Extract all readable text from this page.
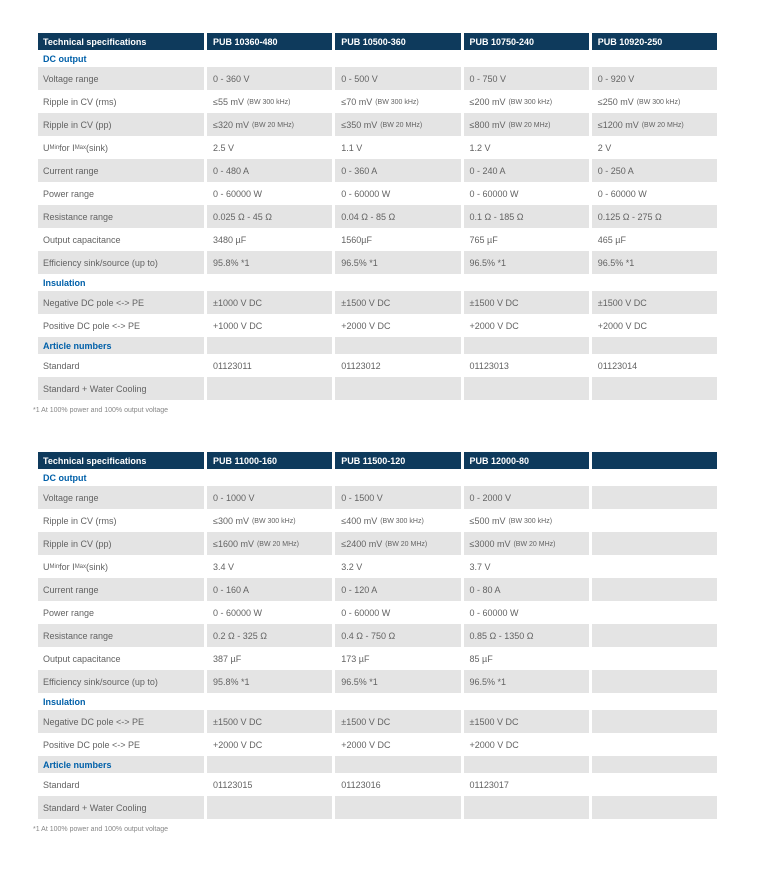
Technical specifications	PUB 10360-480	PUB 10500-360	PUB 10750-240	PUB 10920-250
DC output
Voltage range	0 - 360 V	0 - 500 V	0 - 750 V	0 - 920 V
Ripple in CV (rms)	≤55 mV (BW 300 kHz)	≤70 mV (BW 300 kHz)	≤200 mV (BW 300 kHz)	≤250 mV (BW 300 kHz)
Ripple in CV (pp)	≤320 mV (BW 20 MHz)	≤350 mV (BW 20 MHz)	≤800 mV (BW 20 MHz)	≤1200 mV (BW 20 MHz)
U Min for I Max (sink)	2.5 V	1.1 V	1.2 V	2 V
Current range	0 - 480 A	0 - 360 A	0 - 240 A	0 - 250 A
Power range	0 - 60000 W	0 - 60000 W	0 - 60000 W	0 - 60000 W
Resistance range	0.025 Ω - 45 Ω	0.04 Ω - 85 Ω	0.1 Ω - 185 Ω	0.125 Ω - 275 Ω
Output capacitance	3480 µF	1560µF	765 µF	465 µF
Efficiency sink/source (up to)	95.8% *1	96.5% *1	96.5% *1	96.5% *1
Insulation
Negative DC pole <-> PE	±1000 V DC	±1500 V DC	±1500 V DC	±1500 V DC
Positive DC pole <-> PE	+1000 V DC	+2000 V DC	+2000 V DC	+2000 V DC
Article numbers
Standard	01123011	01123012	01123013	01123014
Standard + Water Cooling
*1 At 100% power and 100% output voltage
Technical specifications	PUB 11000-160	PUB 11500-120	PUB 12000-80
DC output
Voltage range	0 - 1000 V	0 - 1500 V	0 - 2000 V
Ripple in CV (rms)	≤300 mV (BW 300 kHz)	≤400 mV (BW 300 kHz)	≤500 mV (BW 300 kHz)
Ripple in CV (pp)	≤1600 mV (BW 20 MHz)	≤2400 mV (BW 20 MHz)	≤3000 mV (BW 20 MHz)
U Min for I Max (sink)	3.4 V	3.2 V	3.7 V
Current range	0 - 160 A	0 - 120 A	0 - 80 A
Power range	0 - 60000 W	0 - 60000 W	0 - 60000 W
Resistance range	0.2 Ω - 325 Ω	0.4 Ω - 750 Ω	0.85 Ω - 1350 Ω
Output capacitance	387 µF	173 µF	85 µF
Efficiency sink/source (up to)	95.8% *1	96.5% *1	96.5% *1
Insulation
Negative DC pole <-> PE	±1500 V DC	±1500 V DC	±1500 V DC
Positive DC pole <-> PE	+2000 V DC	+2000 V DC	+2000 V DC
Article numbers
Standard	01123015	01123016	01123017
Standard + Water Cooling
*1 At 100% power and 100% output voltage
